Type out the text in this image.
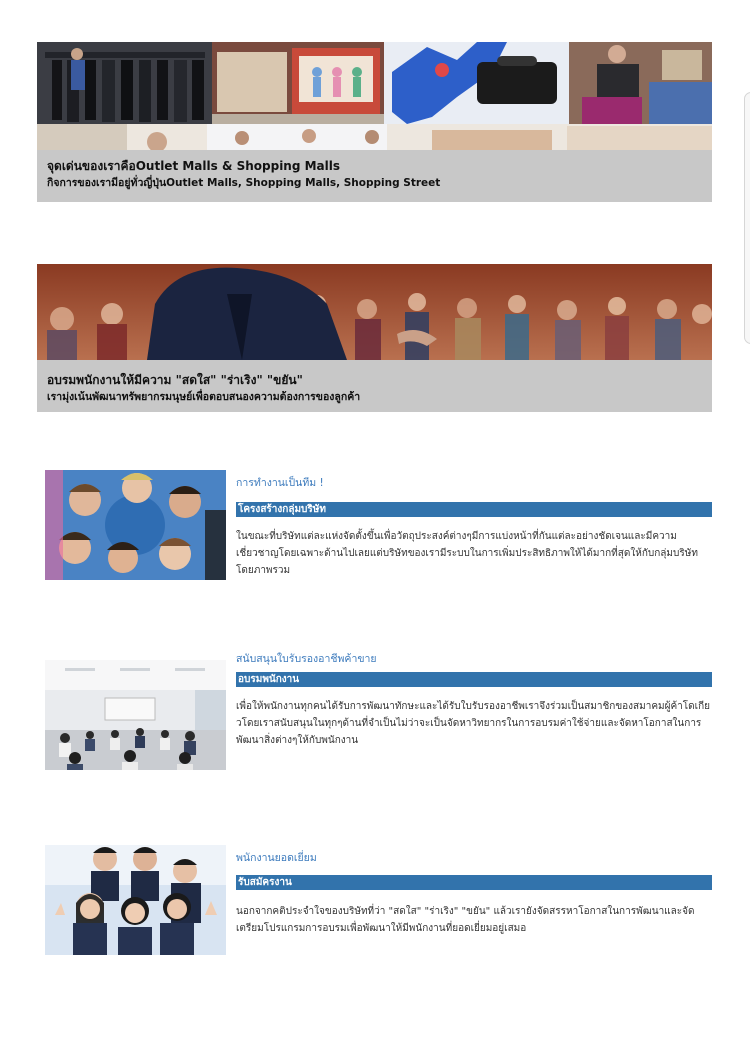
จุดเด่นของเราคือOutlet Malls & Shopping Malls
กิจการของเรามีอยู่ทั่วญี่ปุ่นOutlet Malls, Shopping Malls, Shopping Street
อบรมพนักงานให้มีความ "สดใส" "ร่าเริง" "ขยัน"
เรามุ่งเน้นพัฒนาทรัพยากรมนุษย์เพื่อตอบสนองความต้องการของลูกค้า
การทำงานเป็นทีม !
โครงสร้างกลุ่มบริษัท
ในขณะที่บริษัทแต่ละแห่งจัดตั้งขึ้นเพื่อวัตถุประสงค์ต่างๆมีการแบ่งหน้าที่กันแต่ละอย่างชัดเจนและมีความเชี่ยวชาญโดยเฉพาะด้านไปเลยแต่บริษัทของเรามีระบบในการเพิ่มประสิทธิภาพให้ได้มากที่สุดให้กับกลุ่มบริษัทโดยภาพรวม
สนับสนุนใบรับรองอาชีพค้าขาย
อบรมพนักงาน
เพื่อให้พนักงานทุกคนได้รับการพัฒนาทักษะและได้รับใบรับรองอาชีพเราจึงร่วมเป็นสมาชิกของสมาคมผู้ค้าโดเกียวโดยเราสนับสนุนในทุกๆด้านที่จำเป็นไม่ว่าจะเป็นจัดหาวิทยากรในการอบรมค่าใช้จ่ายและจัดหาโอกาสในการพัฒนาสิ่งต่างๆให้กับพนักงาน
พนักงานยอดเยี่ยม
รับสมัครงาน
นอกจากคติประจำใจของบริษัทที่ว่า "สดใส" "ร่าเริง" "ขยัน" แล้วเรายังจัดสรรหาโอกาสในการพัฒนาและจัดเตรียมโปรแกรมการอบรมเพื่อพัฒนาให้มีพนักงานที่ยอดเยี่ยมอยู่เสมอ
